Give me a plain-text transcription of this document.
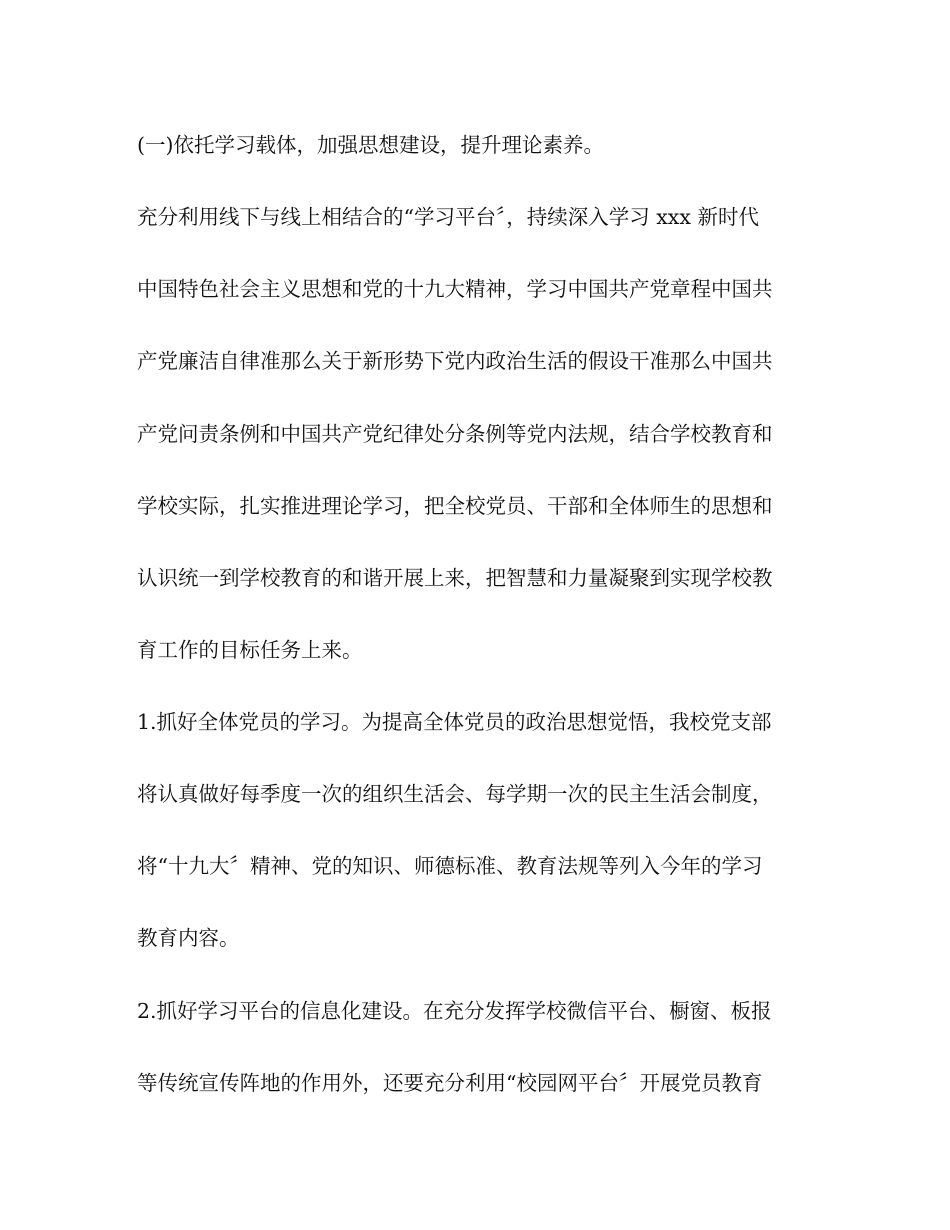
(一)依托学习载体，加强思想建设，提升理论素养。
充分利用线下与线上相结合的“学习平台〞，持续深入学习 xxx 新时代
中国特色社会主义思想和党的十九大精神，学习中国共产党章程中国共
产党廉洁自律准那么关于新形势下党内政治生活的假设干准那么中国共
产党问责条例和中国共产党纪律处分条例等党内法规，结合学校教育和
学校实际，扎实推进理论学习，把全校党员、干部和全体师生的思想和
认识统一到学校教育的和谐开展上来，把智慧和力量凝聚到实现学校教
育工作的目标任务上来。
1.抓好全体党员的学习。为提高全体党员的政治思想觉悟，我校党支部
将认真做好每季度一次的组织生活会、每学期一次的民主生活会制度，
将“十九大〞精神、党的知识、师德标准、教育法规等列入今年的学习
教育内容。
2.抓好学习平台的信息化建设。在充分发挥学校微信平台、橱窗、板报
等传统宣传阵地的作用外，还要充分利用“校园网平台〞开展党员教育
